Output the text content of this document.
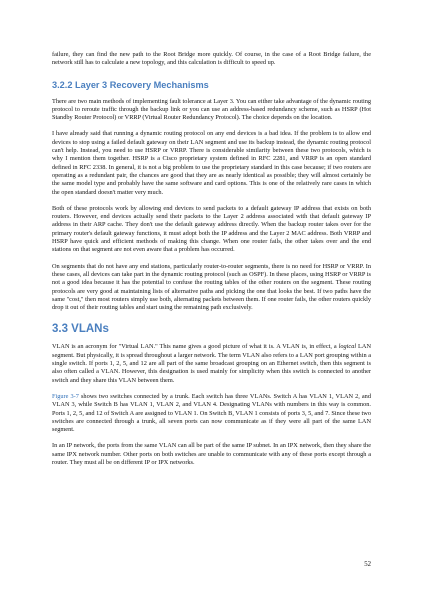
failure, they can find the new path to the Root Bridge more quickly. Of course, in the case of a Root Bridge failure, the network still has to calculate a new topology, and this calculation is difficult to speed up.

3.2.2 Layer 3 Recovery Mechanisms

There are two main methods of implementing fault tolerance at Layer 3. You can either take advantage of the dynamic routing protocol to reroute traffic through the backup link or you can use an address-based redundancy scheme, such as HSRP (Hot Standby Router Protocol) or VRRP (Virtual Router Redundancy Protocol). The choice depends on the location.

I have already said that running a dynamic routing protocol on any end devices is a bad idea. If the problem is to allow end devices to stop using a failed default gateway on their LAN segment and use its backup instead, the dynamic routing protocol can't help. Instead, you need to use HSRP or VRRP. There is considerable similarity between these two protocols, which is why I mention them together. HSRP is a Cisco proprietary system defined in RFC 2281, and VRRP is an open standard defined in RFC 2338. In general, it is not a big problem to use the proprietary standard in this case because; if two routers are operating as a redundant pair, the chances are good that they are as nearly identical as possible; they will almost certainly be the same model type and probably have the same software and card options. This is one of the relatively rare cases in which the open standard doesn't matter very much.

Both of these protocols work by allowing end devices to send packets to a default gateway IP address that exists on both routers. However, end devices actually send their packets to the Layer 2 address associated with that default gateway IP address in their ARP cache. They don't use the default gateway address directly. When the backup router takes over for the primary router's default gateway functions, it must adopt both the IP address and the Layer 2 MAC address. Both VRRP and HSRP have quick and efficient methods of making this change. When one router fails, the other takes over and the end stations on that segment are not even aware that a problem has occurred.

On segments that do not have any end stations, particularly router-to-router segments, there is no need for HSRP or VRRP. In these cases, all devices can take part in the dynamic routing protocol (such as OSPF). In these places, using HSRP or VRRP is not a good idea because it has the potential to confuse the routing tables of the other routers on the segment. These routing protocols are very good at maintaining lists of alternative paths and picking the one that looks the best. If two paths have the same "cost," then most routers simply use both, alternating packets between them. If one router fails, the other routers quickly drop it out of their routing tables and start using the remaining path exclusively.

3.3 VLANs

VLAN is an acronym for "Virtual LAN." This name gives a good picture of what it is. A VLAN is, in effect, a logical LAN segment. But physically, it is spread throughout a larger network. The term VLAN also refers to a LAN port grouping within a single switch. If ports 1, 2, 5, and 12 are all part of the same broadcast grouping on an Ethernet switch, then this segment is also often called a VLAN. However, this designation is used mainly for simplicity when this switch is connected to another switch and they share this VLAN between them.

Figure 3-7 shows two switches connected by a trunk. Each switch has three VLANs. Switch A has VLAN 1, VLAN 2, and VLAN 3, while Switch B has VLAN 1, VLAN 2, and VLAN 4. Designating VLANs with numbers in this way is common. Ports 1, 2, 5, and 12 of Switch A are assigned to VLAN 1. On Switch B, VLAN 1 consists of ports 3, 5, and 7. Since these two switches are connected through a trunk, all seven ports can now communicate as if they were all part of the same LAN segment.

In an IP network, the ports from the same VLAN can all be part of the same IP subnet. In an IPX network, then they share the same IPX network number. Other ports on both switches are unable to communicate with any of these ports except through a router. They must all be on different IP or IPX networks.

52
